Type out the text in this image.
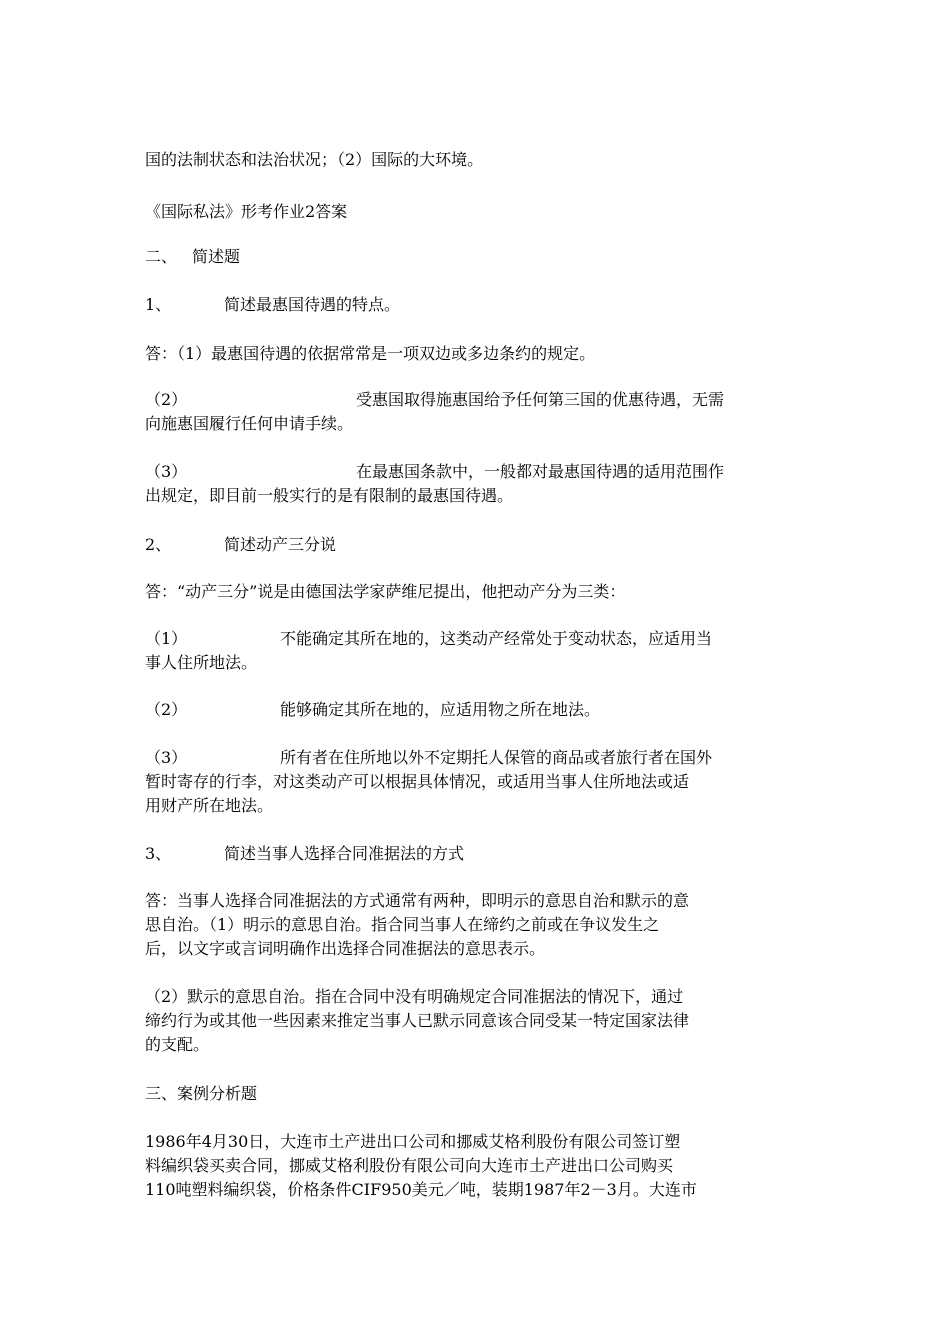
国的法制状态和法治状况；（2）国际的大环境。
《国际私法》形考作业2答案
二、 简述题
1、	简述最惠国待遇的特点。
答：（1）最惠国待遇的依据常常是一项双边或多边条约的规定。
（2）	受惠国取得施惠国给予任何第三国的优惠待遇，无需
向施惠国履行任何申请手续。
（3）	在最惠国条款中，一般都对最惠国待遇的适用范围作
出规定，即目前一般实行的是有限制的最惠国待遇。
2、	简述动产三分说
答：“动产三分”说是由德国法学家萨维尼提出，他把动产分为三类：
（1）	不能确定其所在地的，这类动产经常处于变动状态，应适用当
事人住所地法。
（2）	能够确定其所在地的，应适用物之所在地法。
（3）	所有者在住所地以外不定期托人保管的商品或者旅行者在国外
暂时寄存的行李，对这类动产可以根据具体情况，或适用当事人住所地法或适
用财产所在地法。
3、	简述当事人选择合同准据法的方式
答：当事人选择合同准据法的方式通常有两种，即明示的意思自治和默示的意
思自治。（1）明示的意思自治。指合同当事人在缔约之前或在争议发生之
后，以文字或言词明确作出选择合同准据法的意思表示。
（2）默示的意思自治。指在合同中没有明确规定合同准据法的情况下，通过
缔约行为或其他一些因素来推定当事人已默示同意该合同受某一特定国家法律
的支配。
三、案例分析题
1986年4月30日，大连市土产进出口公司和挪威艾格利股份有限公司签订塑
料编织袋买卖合同，挪威艾格利股份有限公司向大连市土产进出口公司购买
110吨塑料编织袋，价格条件CIF950美元／吨，装期1987年2－3月。大连市
